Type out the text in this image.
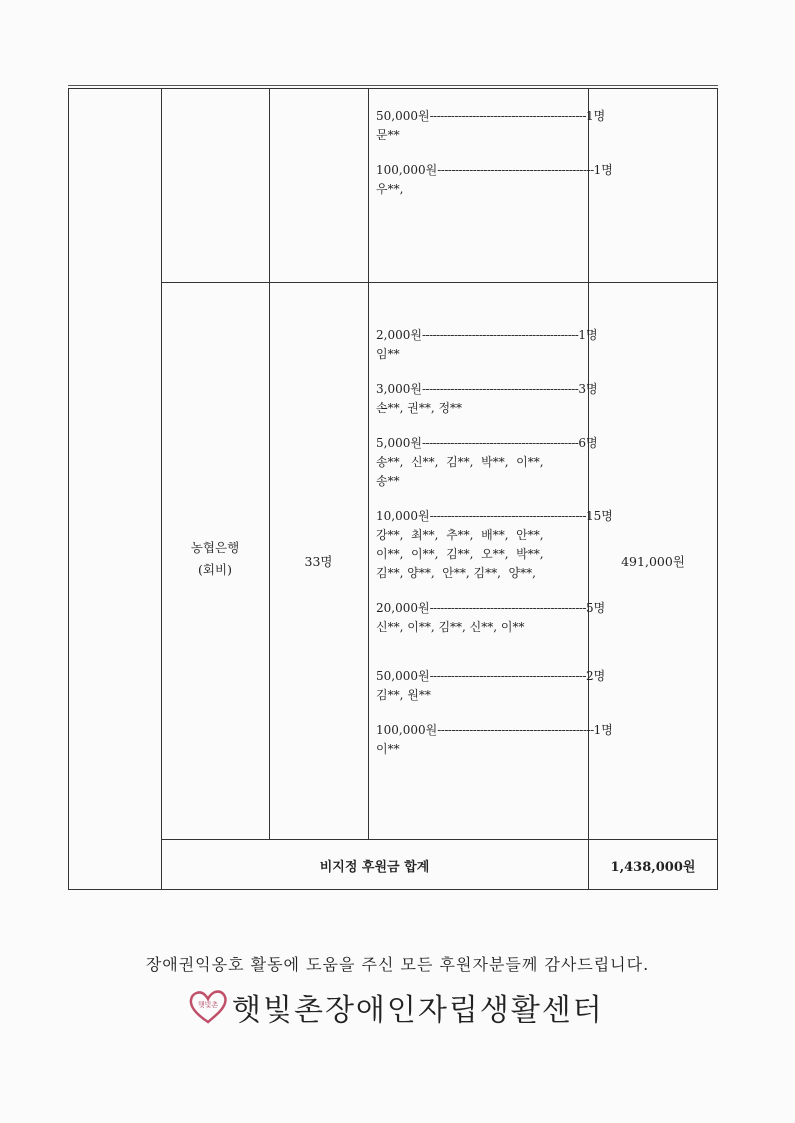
50,000원 -------------------------------------------- 1명
문**
100,000원 -------------------------------------------- 1명
우**,
농협은행
(회비)
33명	491,000원
2,000원 -------------------------------------------- 1명
임**
3,000원 -------------------------------------------- 3명
손**, 권**, 정**
5,000원 -------------------------------------------- 6명
송**,  신**,  김**,  박**,  이**,
송**
10,000원 -------------------------------------------- 15명
강**,  최**,  추**,  배**,  안**,
이**,  이**,  김**,  오**,  박**,
김**, 양**,  안**, 김**,  양**,
20,000원 -------------------------------------------- 5명
신**, 이**, 김**, 신**, 이**
50,000원 -------------------------------------------- 2명
김**, 원**
100,000원 -------------------------------------------- 1명
이**
비지정 후원금 합계	1,438,000원
장애권익옹호 활동에 도움을 주신 모든 후원자분들께 감사드립니다.
햇빛촌 햇빛촌장애인자립생활센터
